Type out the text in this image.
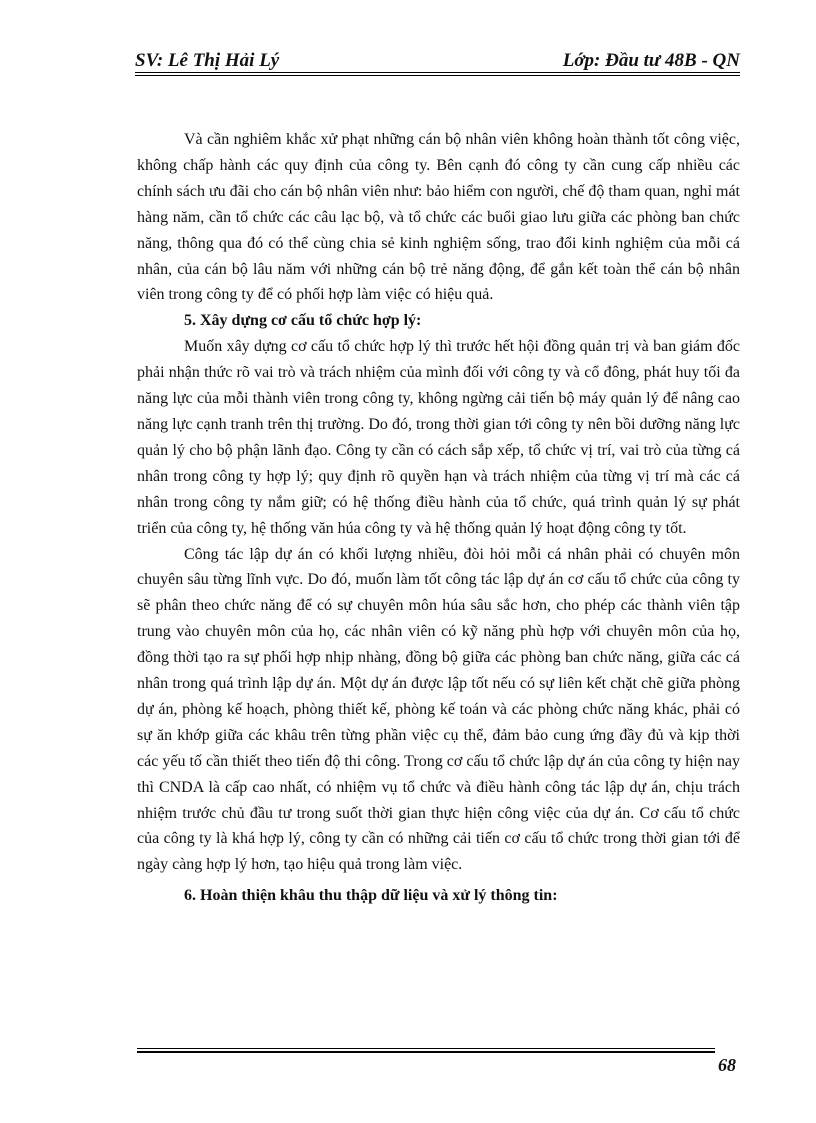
SV: Lê Thị Hải Lý	Lớp: Đầu tư 48B - QN

Và cần nghiêm khắc xử phạt những cán bộ nhân viên không hoàn thành tốt công việc, không chấp hành các quy định của công ty. Bên cạnh đó công ty cần cung cấp nhiều các chính sách ưu đãi cho cán bộ nhân viên như: bảo hiểm con người, chế độ tham quan, nghỉ mát hàng năm, cần tổ chức các câu lạc bộ, và tổ chức các buổi giao lưu giữa các phòng ban chức năng, thông qua đó có thể cùng chia sẻ kinh nghiệm sống, trao đổi kinh nghiệm của mỗi cá nhân, của cán bộ lâu năm với những cán bộ trẻ năng động, để gắn kết toàn thể cán bộ nhân viên trong công ty để có phối hợp làm việc có hiệu quả.

5. Xây dựng cơ cấu tổ chức hợp lý:

Muốn xây dựng cơ cấu tổ chức hợp lý thì trước hết hội đồng quản trị và ban giám đốc phải nhận thức rõ vai trò và trách nhiệm của mình đối với công ty và cổ đông, phát huy tối đa năng lực của mỗi thành viên trong công ty, không ngừng cải tiến bộ máy quản lý để nâng cao năng lực cạnh tranh trên thị trường. Do đó, trong thời gian tới công ty nên bồi dưỡng năng lực quản lý cho bộ phận lãnh đạo. Công ty cần có cách sắp xếp, tổ chức vị trí, vai trò của từng cá nhân trong công ty hợp lý; quy định rõ quyền hạn và trách nhiệm của từng vị trí mà các cá nhân trong công ty nắm giữ; có hệ thống điều hành của tổ chức, quá trình quản lý sự phát triển của công ty, hệ thống văn húa công ty và hệ thống quản lý hoạt động công ty tốt.

Công tác lập dự án có khối lượng nhiều, đòi hỏi mỗi cá nhân phải có chuyên môn chuyên sâu từng lĩnh vực. Do đó, muốn làm tốt công tác lập dự án cơ cấu tổ chức của công ty sẽ phân theo chức năng để có sự chuyên môn húa sâu sắc hơn, cho phép các thành viên tập trung vào chuyên môn của họ, các nhân viên có kỹ năng phù hợp với chuyên môn của họ, đồng thời tạo ra sự phối hợp nhịp nhàng, đồng bộ giữa các phòng ban chức năng, giữa các cá nhân trong quá trình lập dự án. Một dự án được lập tốt nếu có sự liên kết chặt chẽ giữa phòng dự án, phòng kế hoạch, phòng thiết kế, phòng kế toán và các phòng chức năng khác, phải có sự ăn khớp giữa các khâu trên từng phần việc cụ thể, đảm bảo cung ứng đầy đủ và kịp thời các yếu tố cần thiết theo tiến độ thi công. Trong cơ cấu tổ chức lập dự án của công ty hiện nay thì CNDA là cấp cao nhất, có nhiệm vụ tổ chức và điều hành công tác lập dự án, chịu trách nhiệm trước chủ đầu tư trong suốt thời gian thực hiện công việc của dự án. Cơ cấu tổ chức của công ty là khá hợp lý, công ty cần có những cải tiến cơ cấu tổ chức trong thời gian tới để ngày càng hợp lý hơn, tạo hiệu quả trong làm việc.

6. Hoàn thiện khâu thu thập dữ liệu và xử lý thông tin:

68
